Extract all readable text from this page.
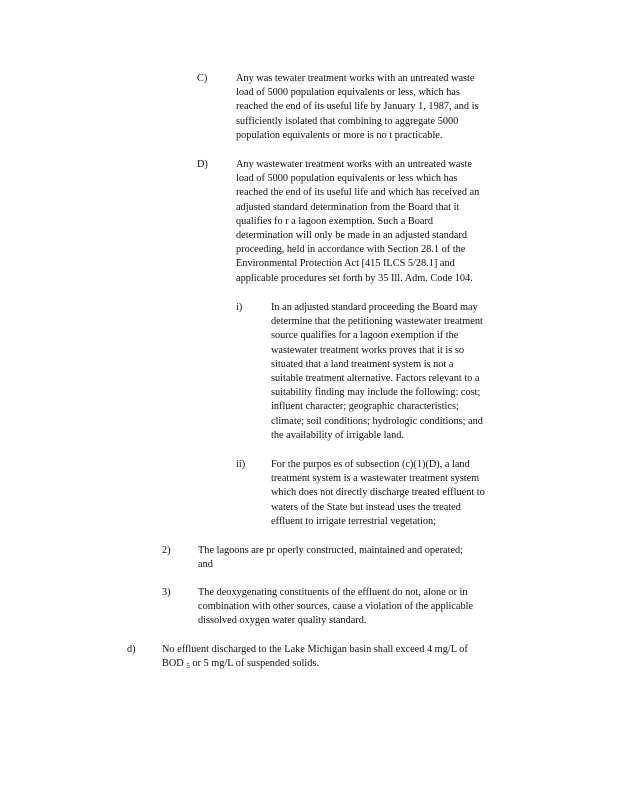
C)	Any was tewater treatment works with an untreated waste
load of 5000 population equivalents or less, which has
reached the end of its useful life by January 1, 1987, and is
sufficiently isolated that combining to aggregate 5000
population equivalents or more is no t practicable.
D)	Any wastewater treatment works with an untreated waste
load of 5000 population equivalents or less which has
reached the end of its useful life and which has received an
adjusted standard determination from the Board that it
qualifies fo r a lagoon exemption. Such a Board
determination will only be made in an adjusted standard
proceeding, held in accordance with Section 28.1 of the
Environmental Protection Act [415 ILCS 5/28.1] and
applicable procedures set forth by 35 Ill. Adm. Code 104.
i)	In an adjusted standard proceeding the Board may
determine that the petitioning wastewater treatment
source qualifies for a lagoon exemption if the
wastewater treatment works proves that it is so
situated that a land treatment system is not a
suitable treatment alternative. Factors relevant to a
suitability finding may include the following: cost;
influent character; geographic characteristics;
climate; soil conditions; hydrologic conditions; and
the availability of irrigable land.
ii)	For the purpos es of subsection (c)(1)(D), a land
treatment system is a wastewater treatment system
which does not directly discharge treated effluent to
waters of the State but instead uses the treated
effluent to irrigate terrestrial vegetation;
2)	The lagoons are pr operly constructed, maintained and operated;
and
3)	The deoxygenating constituents of the effluent do not, alone or in
combination with other sources, cause a violation of the applicable
dissolved oxygen water quality standard.
d)	No effluent discharged to the Lake Michigan basin shall exceed 4 mg/L of
BOD $_5$ or 5 mg/L of suspended solids.
